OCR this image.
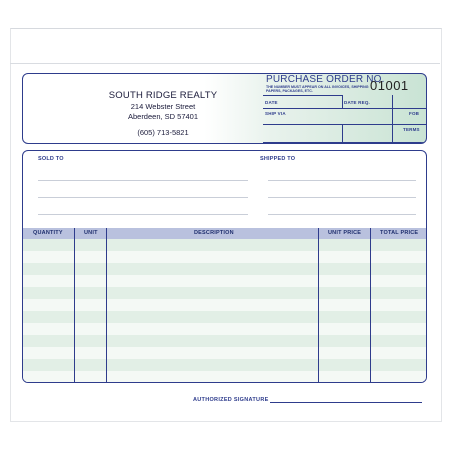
SOUTH RIDGE REALTY
214 Webster Street
Aberdeen, SD 57401
(605) 713-5821
PURCHASE ORDER NO.
01001
THE NUMBER MUST APPEAR ON ALL INVOICES, SHIPPING PAPERS, PACKAGES, ETC.
DATE	DATE REQ.
SHIP VIA	FOB
TERMS
SOLD TO	SHIPPED TO
QUANTITY	UNIT	DESCRIPTION	UNIT PRICE	TOTAL PRICE
AUTHORIZED SIGNATURE
